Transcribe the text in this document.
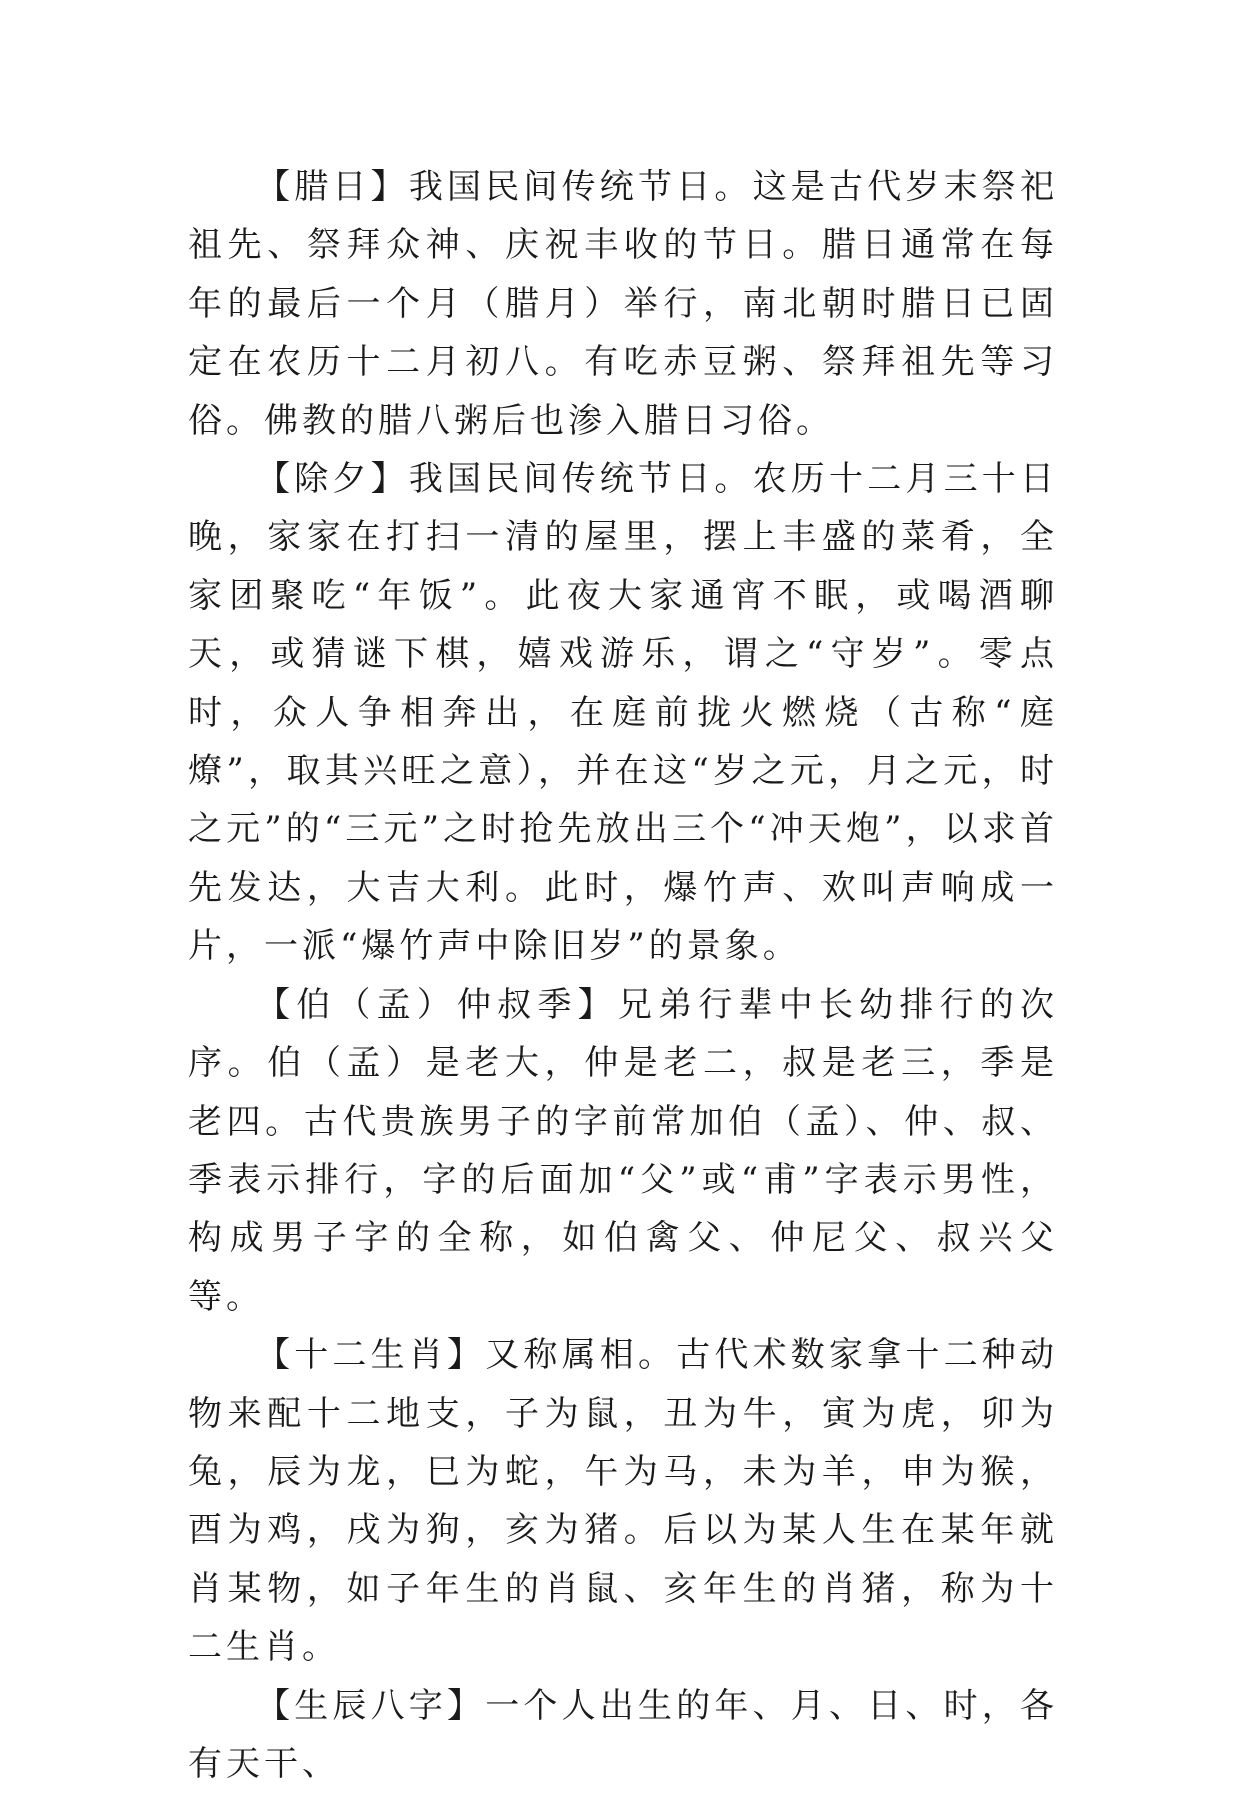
【腊日】我国民间传统节日。这是古代岁末祭祀祖先、祭拜众神、庆祝丰收的节日。腊日通常在每年的最后一个月（腊月）举行，南北朝时腊日已固定在农历十二月初八。有吃赤豆粥、祭拜祖先等习俗。佛教的腊八粥后也渗入腊日习俗。

【除夕】我国民间传统节日。农历十二月三十日晚，家家在打扫一清的屋里，摆上丰盛的菜肴，全家团聚吃“年饭”。此夜大家通宵不眠，或喝酒聊天，或猜谜下棋，嬉戏游乐，谓之“守岁”。零点时，众人争相奔出，在庭前拢火燃烧（古称“庭燎”，取其兴旺之意），并在这“岁之元，月之元，时之元”的“三元”之时抢先放出三个“冲天炮”，以求首先发达，大吉大利。此时，爆竹声、欢叫声响成一片，一派“爆竹声中除旧岁”的景象。

【伯（孟）仲叔季】兄弟行辈中长幼排行的次序。伯（孟）是老大，仲是老二，叔是老三，季是老四。古代贵族男子的字前常加伯（孟）、仲、叔、季表示排行，字的后面加“父”或“甫”字表示男性，构成男子字的全称，如伯禽父、仲尼父、叔兴父等。

【十二生肖】又称属相。古代术数家拿十二种动物来配十二地支，子为鼠，丑为牛，寅为虎，卯为兔，辰为龙，巳为蛇，午为马，未为羊，申为猴，酉为鸡，戌为狗，亥为猪。后以为某人生在某年就肖某物，如子年生的肖鼠、亥年生的肖猪，称为十二生肖。

【生辰八字】一个人出生的年、月、日、时，各有天干、
